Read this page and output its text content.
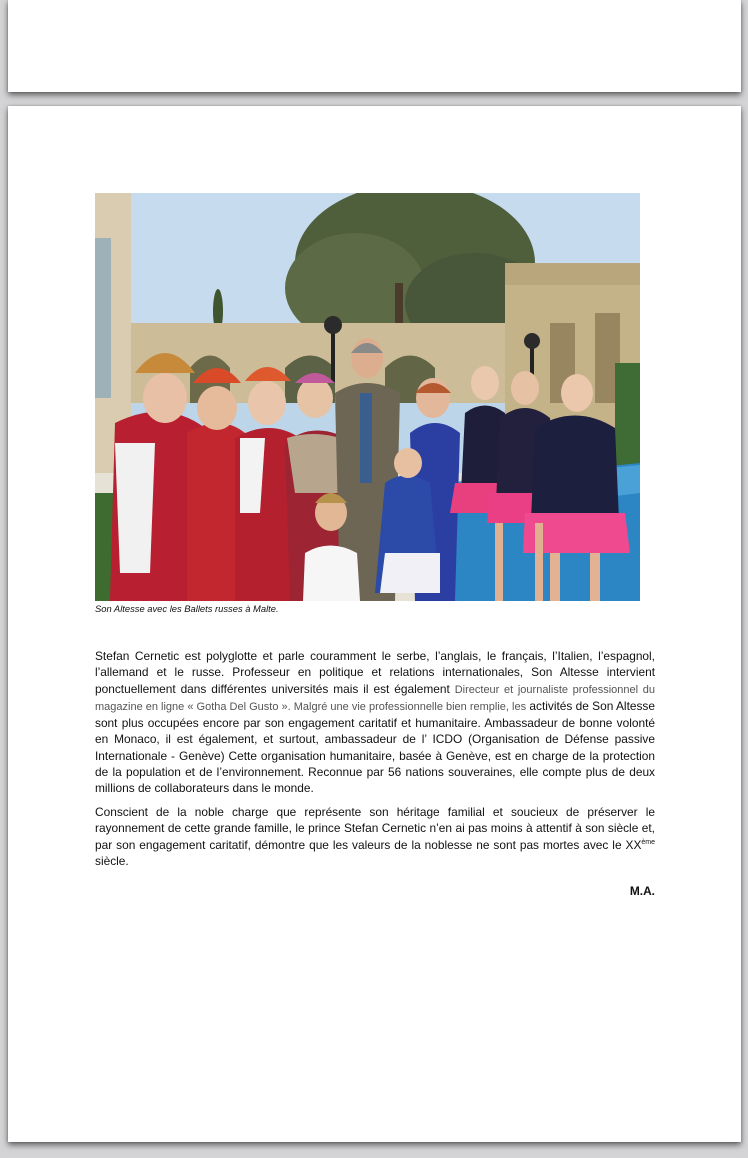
Son Altesse avec les Ballets russes à Malte.
Stefan Cernetic est polyglotte et parle couramment le serbe, l’anglais, le français, l’Italien, l’espagnol, l’allemand et le russe. Professeur en politique et relations internationales, Son Altesse intervient ponctuellement dans différentes universités mais il est également Directeur et journaliste professionnel du magazine en ligne « Gotha Del Gusto ». Malgré une vie professionnelle bien remplie, les activités de Son Altesse sont plus occupées encore par son engagement caritatif et humanitaire. Ambassadeur de bonne volonté en Monaco, il est également, et surtout, ambassadeur de l’ ICDO (Organisation de Défense passive Internationale - Genève) Cette organisation humanitaire, basée à Genève, est en charge de la protection de la population et de l’environnement. Reconnue par 56 nations souveraines, elle compte plus de deux millions de collaborateurs dans le monde.
Conscient de la noble charge que représente son héritage familial et soucieux de préserver le rayonnement de cette grande famille, le prince Stefan Cernetic n’en ai pas moins à attentif à son siècle et, par son engagement caritatif, démontre que les valeurs de la noblesse ne sont pas mortes avec le XXème siècle.
M.A.
